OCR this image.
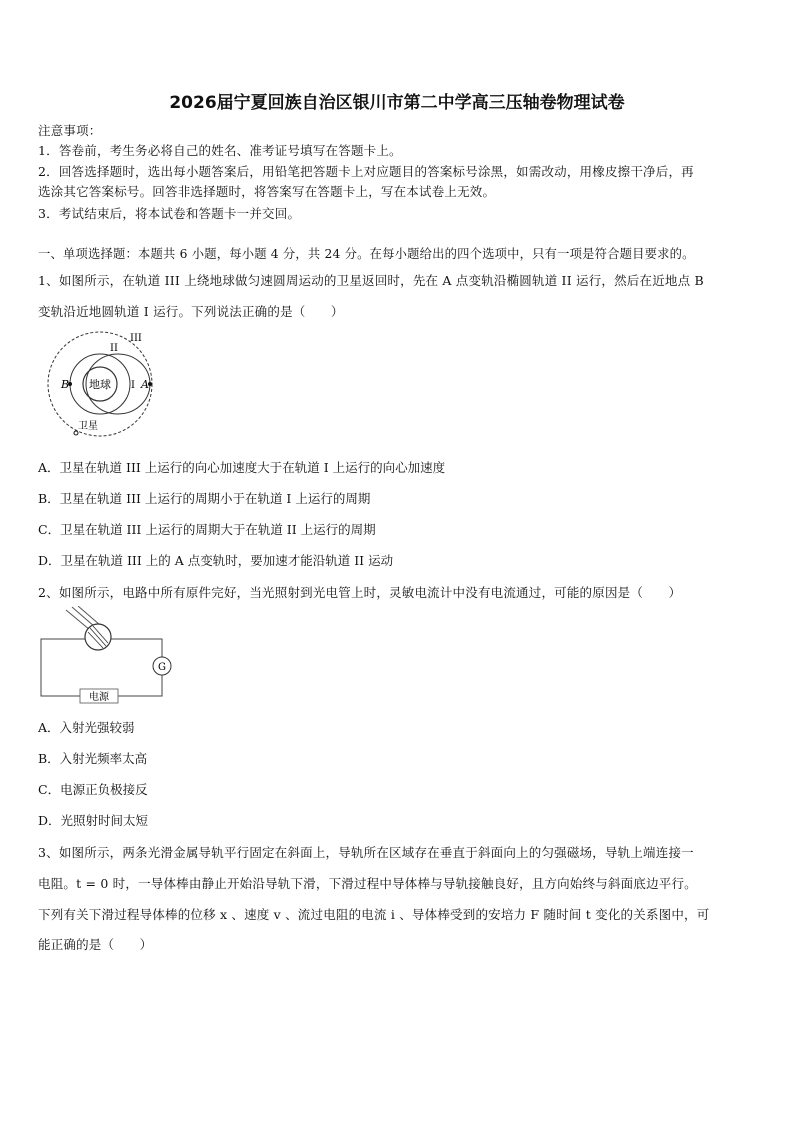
2026届宁夏回族自治区银川市第二中学高三压轴卷物理试卷
注意事项：
1．答卷前，考生务必将自己的姓名、准考证号填写在答题卡上。
2．回答选择题时，选出每小题答案后，用铅笔把答题卡上对应题目的答案标号涂黑，如需改动，用橡皮擦干净后，再
选涂其它答案标号。回答非选择题时，将答案写在答题卡上，写在本试卷上无效。
3．考试结束后，将本试卷和答题卡一并交回。
一、单项选择题：本题共 6 小题，每小题 4 分，共 24 分。在每小题给出的四个选项中，只有一项是符合题目要求的。
1、如图所示，在轨道 III 上绕地球做匀速圆周运动的卫星返回时，先在 A 点变轨沿椭圆轨道 II 运行，然后在近地点 B
变轨沿近地圆轨道 I 运行。下列说法正确的是（　　）
地球
B	A
I
II
III
卫星
A．卫星在轨道 III 上运行的向心加速度大于在轨道 I 上运行的向心加速度
B．卫星在轨道 III 上运行的周期小于在轨道 I 上运行的周期
C．卫星在轨道 III 上运行的周期大于在轨道 II 上运行的周期
D．卫星在轨道 III 上的 A 点变轨时，要加速才能沿轨道 II 运动
2、如图所示，电路中所有原件完好，当光照射到光电管上时，灵敏电流计中没有电流通过，可能的原因是（　　）
G
电源
A．入射光强较弱
B．入射光频率太高
C．电源正负极接反
D．光照射时间太短
3、如图所示，两条光滑金属导轨平行固定在斜面上，导轨所在区域存在垂直于斜面向上的匀强磁场，导轨上端连接一
电阻。t = 0 时，一导体棒由静止开始沿导轨下滑，下滑过程中导体棒与导轨接触良好，且方向始终与斜面底边平行。
下列有关下滑过程导体棒的位移 x 、速度 v 、流过电阻的电流 i 、导体棒受到的安培力 F 随时间 t 变化的关系图中，可
能正确的是（　　）
